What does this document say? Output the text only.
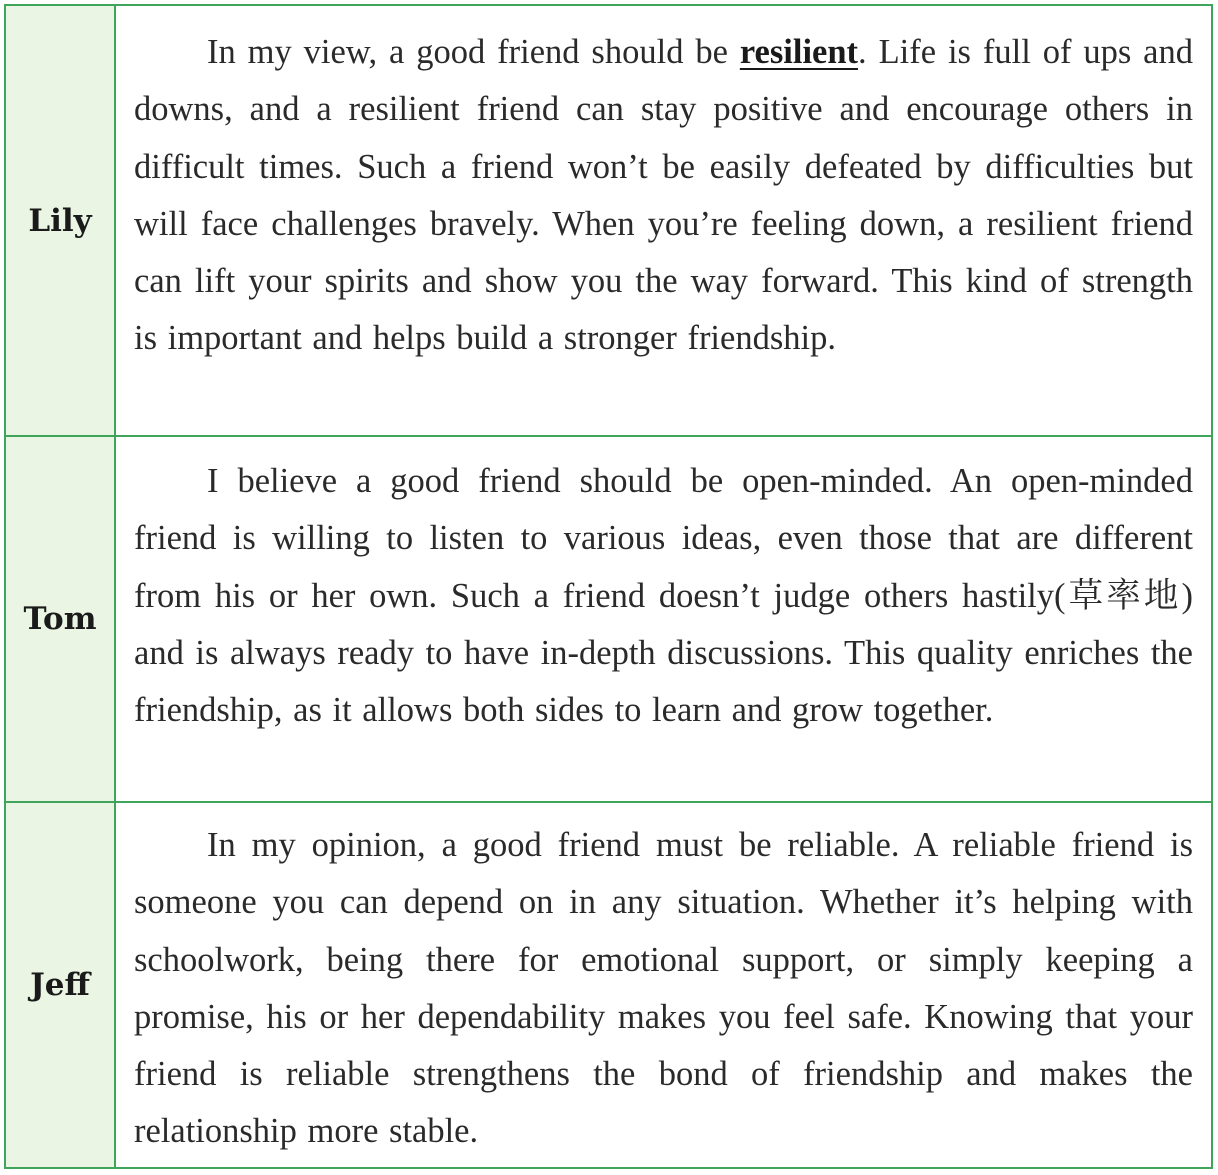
Lily

In my view, a good friend should be resilient. Life is full of ups and downs, and a resilient friend can stay positive and encourage others in difficult times. Such a friend won’t be easily defeated by difficulties but will face challenges bravely. When you’re feeling down, a resilient friend can lift your spirits and show you the way forward. This kind of strength is important and helps build a stronger friendship.

Tom

I believe a good friend should be open-minded. An open-minded friend is willing to listen to various ideas, even those that are different from his or her own. Such a friend doesn’t judge others hastily(草率地) and is always ready to have in-depth discussions. This quality enriches the friendship, as it allows both sides to learn and grow together.

Jeff

In my opinion, a good friend must be reliable. A reliable friend is someone you can depend on in any situation. Whether it’s helping with schoolwork, being there for emotional support, or simply keeping a promise, his or her dependability makes you feel safe. Knowing that your friend is reliable strengthens the bond of friendship and makes the relationship more stable.
